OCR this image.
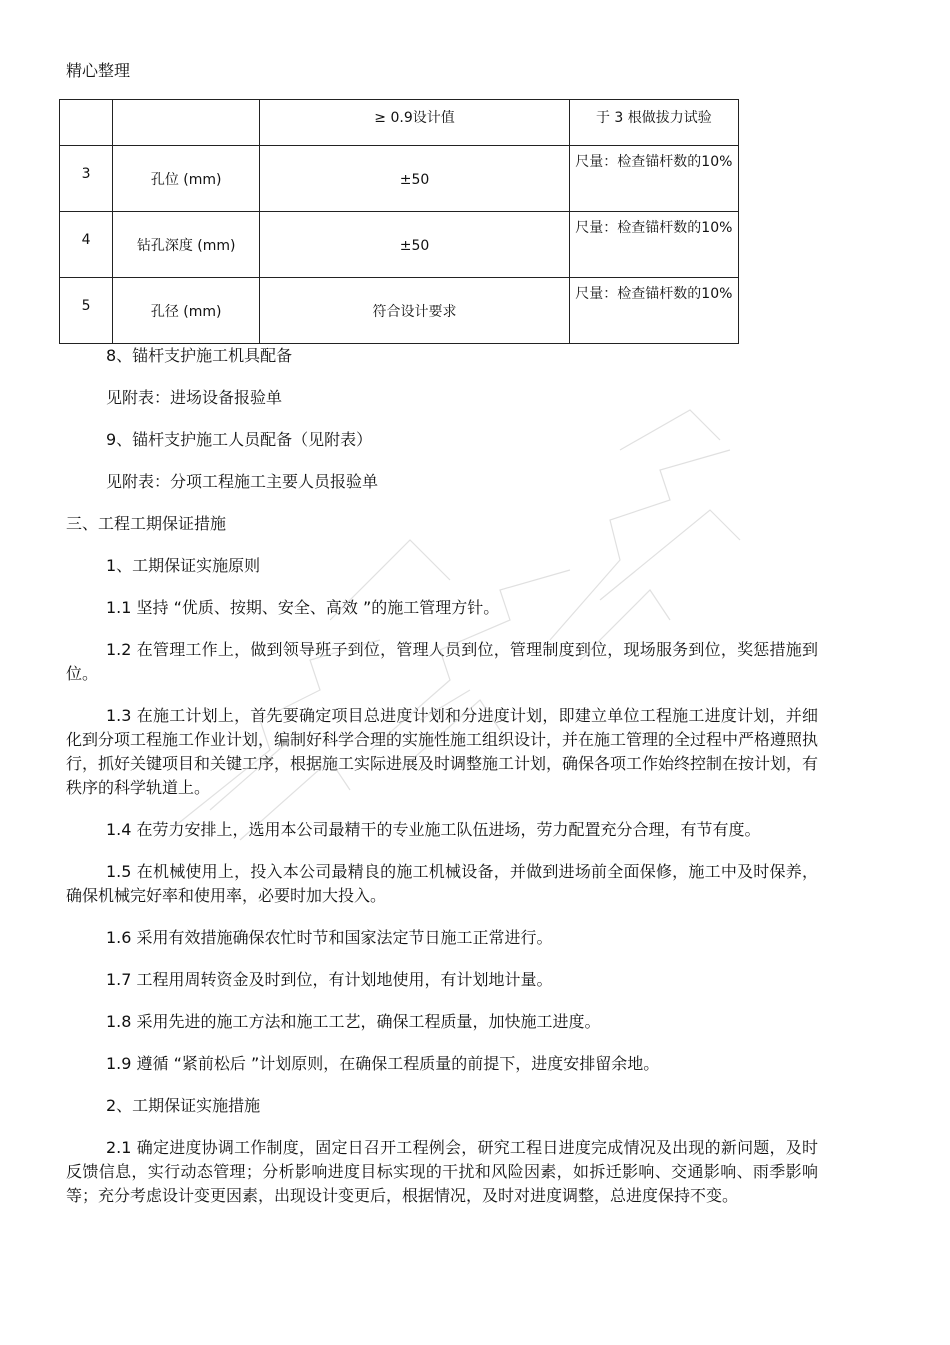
精心整理
		≥ 0.9设计值	于 3 根做拔力试验
3	孔位 (mm)	±50	尺量：检查锚杆数的10%
4	钻孔深度 (mm)	±50	尺量：检查锚杆数的10%
5	孔径 (mm)	符合设计要求	尺量：检查锚杆数的10%

8、锚杆支护施工机具配备

见附表：进场设备报验单

9、锚杆支护施工人员配备（见附表）

见附表：分项工程施工主要人员报验单

三、工程工期保证措施

1、工期保证实施原则

1.1 坚持 “优质、按期、安全、高效 ”的施工管理方针。

1.2 在管理工作上，做到领导班子到位，管理人员到位，管理制度到位，现场服务到位，奖惩措施到位。

1.3 在施工计划上，首先要确定项目总进度计划和分进度计划，即建立单位工程施工进度计划，并细化到分项工程施工作业计划，编制好科学合理的实施性施工组织设计，并在施工管理的全过程中严格遵照执行，抓好关键项目和关键工序，根据施工实际进展及时调整施工计划，确保各项工作始终控制在按计划，有秩序的科学轨道上。

1.4 在劳力安排上，选用本公司最精干的专业施工队伍进场，劳力配置充分合理，有节有度。

1.5 在机械使用上，投入本公司最精良的施工机械设备，并做到进场前全面保修，施工中及时保养，确保机械完好率和使用率，必要时加大投入。

1.6 采用有效措施确保农忙时节和国家法定节日施工正常进行。

1.7 工程用周转资金及时到位，有计划地使用，有计划地计量。

1.8 采用先进的施工方法和施工工艺，确保工程质量，加快施工进度。

1.9 遵循 “紧前松后 ”计划原则，在确保工程质量的前提下，进度安排留余地。

2、工期保证实施措施

2.1 确定进度协调工作制度，固定日召开工程例会，研究工程日进度完成情况及出现的新问题，及时反馈信息，实行动态管理；分析影响进度目标实现的干扰和风险因素，如拆迁影响、交通影响、雨季影响等；充分考虑设计变更因素，出现设计变更后，根据情况，及时对进度调整，总进度保持不变。
